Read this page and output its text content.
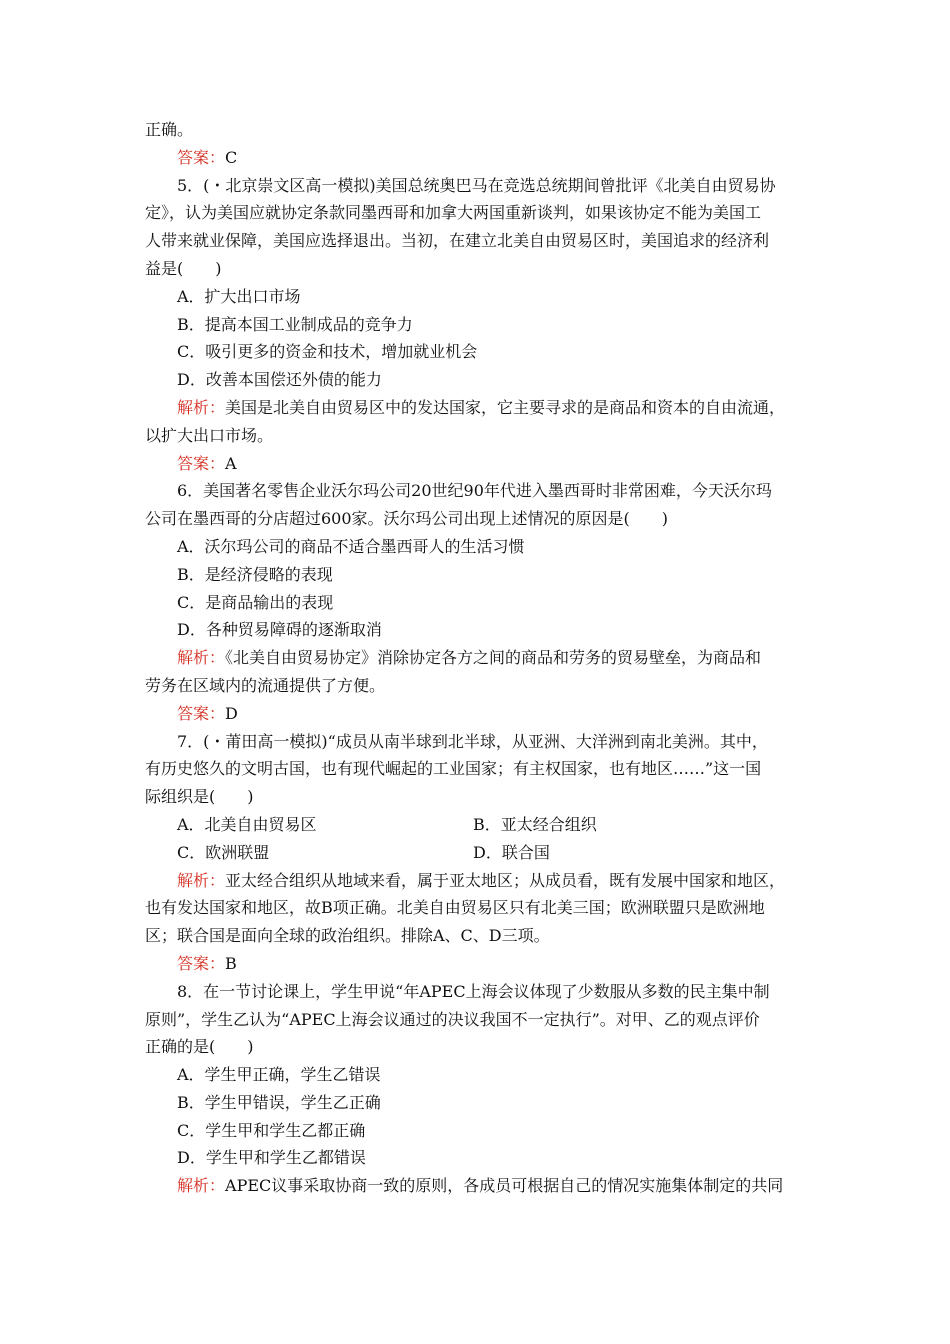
正确。
答案：C
5．(・北京崇文区高一模拟)美国总统奥巴马在竞选总统期间曾批评《北美自由贸易协
定》，认为美国应就协定条款同墨西哥和加拿大两国重新谈判，如果该协定不能为美国工
人带来就业保障，美国应选择退出。当初，在建立北美自由贸易区时，美国追求的经济利
益是(　　)
A．扩大出口市场
B．提高本国工业制成品的竞争力
C．吸引更多的资金和技术，增加就业机会
D．改善本国偿还外债的能力
解析：美国是北美自由贸易区中的发达国家，它主要寻求的是商品和资本的自由流通，
以扩大出口市场。
答案：A
6．美国著名零售企业沃尔玛公司20世纪90年代进入墨西哥时非常困难，今天沃尔玛
公司在墨西哥的分店超过600家。沃尔玛公司出现上述情况的原因是(　　)
A．沃尔玛公司的商品不适合墨西哥人的生活习惯
B．是经济侵略的表现
C．是商品输出的表现
D．各种贸易障碍的逐渐取消
解析：《北美自由贸易协定》消除协定各方之间的商品和劳务的贸易壁垒，为商品和
劳务在区域内的流通提供了方便。
答案：D
7．(・莆田高一模拟)“成员从南半球到北半球，从亚洲、大洋洲到南北美洲。其中，
有历史悠久的文明古国，也有现代崛起的工业国家；有主权国家，也有地区……”这一国
际组织是(　　)
A．北美自由贸易区	B．亚太经合组织
C．欧洲联盟	D．联合国
解析：亚太经合组织从地域来看，属于亚太地区；从成员看，既有发展中国家和地区，
也有发达国家和地区，故B项正确。北美自由贸易区只有北美三国；欧洲联盟只是欧洲地
区；联合国是面向全球的政治组织。排除A、C、D三项。
答案：B
8．在一节讨论课上，学生甲说“年APEC上海会议体现了少数服从多数的民主集中制
原则”，学生乙认为“APEC上海会议通过的决议我国不一定执行”。对甲、乙的观点评价
正确的是(　　)
A．学生甲正确，学生乙错误
B．学生甲错误，学生乙正确
C．学生甲和学生乙都正确
D．学生甲和学生乙都错误
解析：APEC议事采取协商一致的原则，各成员可根据自己的情况实施集体制定的共同
